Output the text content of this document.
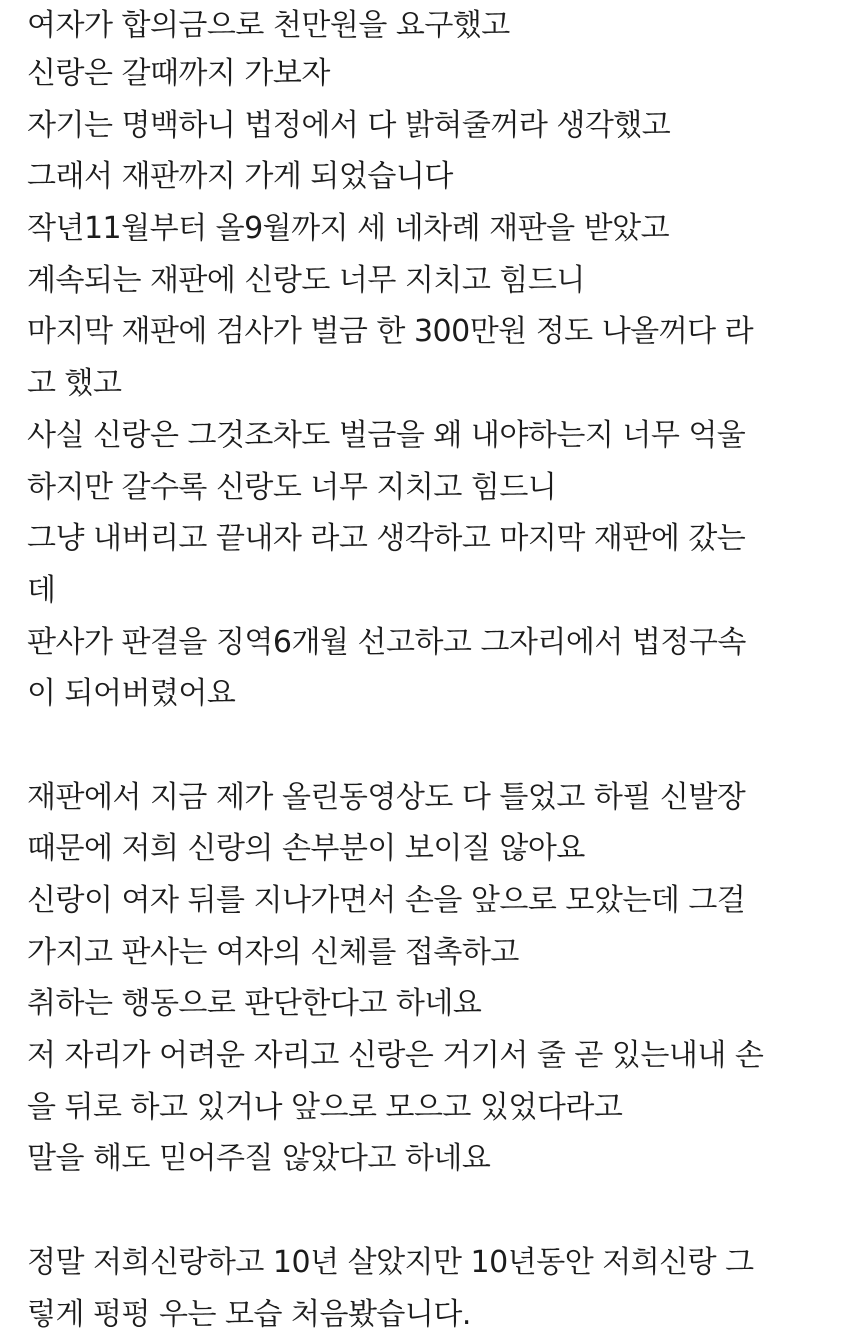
여자가 합의금으로 천만원을 요구했고
신랑은 갈때까지 가보자
자기는 명백하니 법정에서 다 밝혀줄꺼라 생각했고
그래서 재판까지 가게 되었습니다
작년11월부터 올9월까지 세 네차례 재판을 받았고
계속되는 재판에 신랑도 너무 지치고 힘드니
마지막 재판에 검사가 벌금 한 300만원 정도 나올꺼다 라
고 했고
사실 신랑은 그것조차도 벌금을 왜 내야하는지 너무 억울
하지만 갈수록 신랑도 너무 지치고 힘드니
그냥 내버리고 끝내자 라고 생각하고 마지막 재판에 갔는
데
판사가 판결을 징역6개월 선고하고 그자리에서 법정구속
이 되어버렸어요
재판에서 지금 제가 올린동영상도 다 틀었고 하필 신발장
때문에 저희 신랑의 손부분이 보이질 않아요
신랑이 여자 뒤를 지나가면서 손을 앞으로 모았는데 그걸
가지고 판사는 여자의 신체를 접촉하고
취하는 행동으로 판단한다고 하네요
저 자리가 어려운 자리고 신랑은 거기서 줄 곧 있는내내 손
을 뒤로 하고 있거나 앞으로 모으고 있었다라고
말을 해도 믿어주질 않았다고 하네요
정말 저희신랑하고 10년 살았지만 10년동안 저희신랑 그
렇게 펑펑 우는 모습 처음봤습니다.
